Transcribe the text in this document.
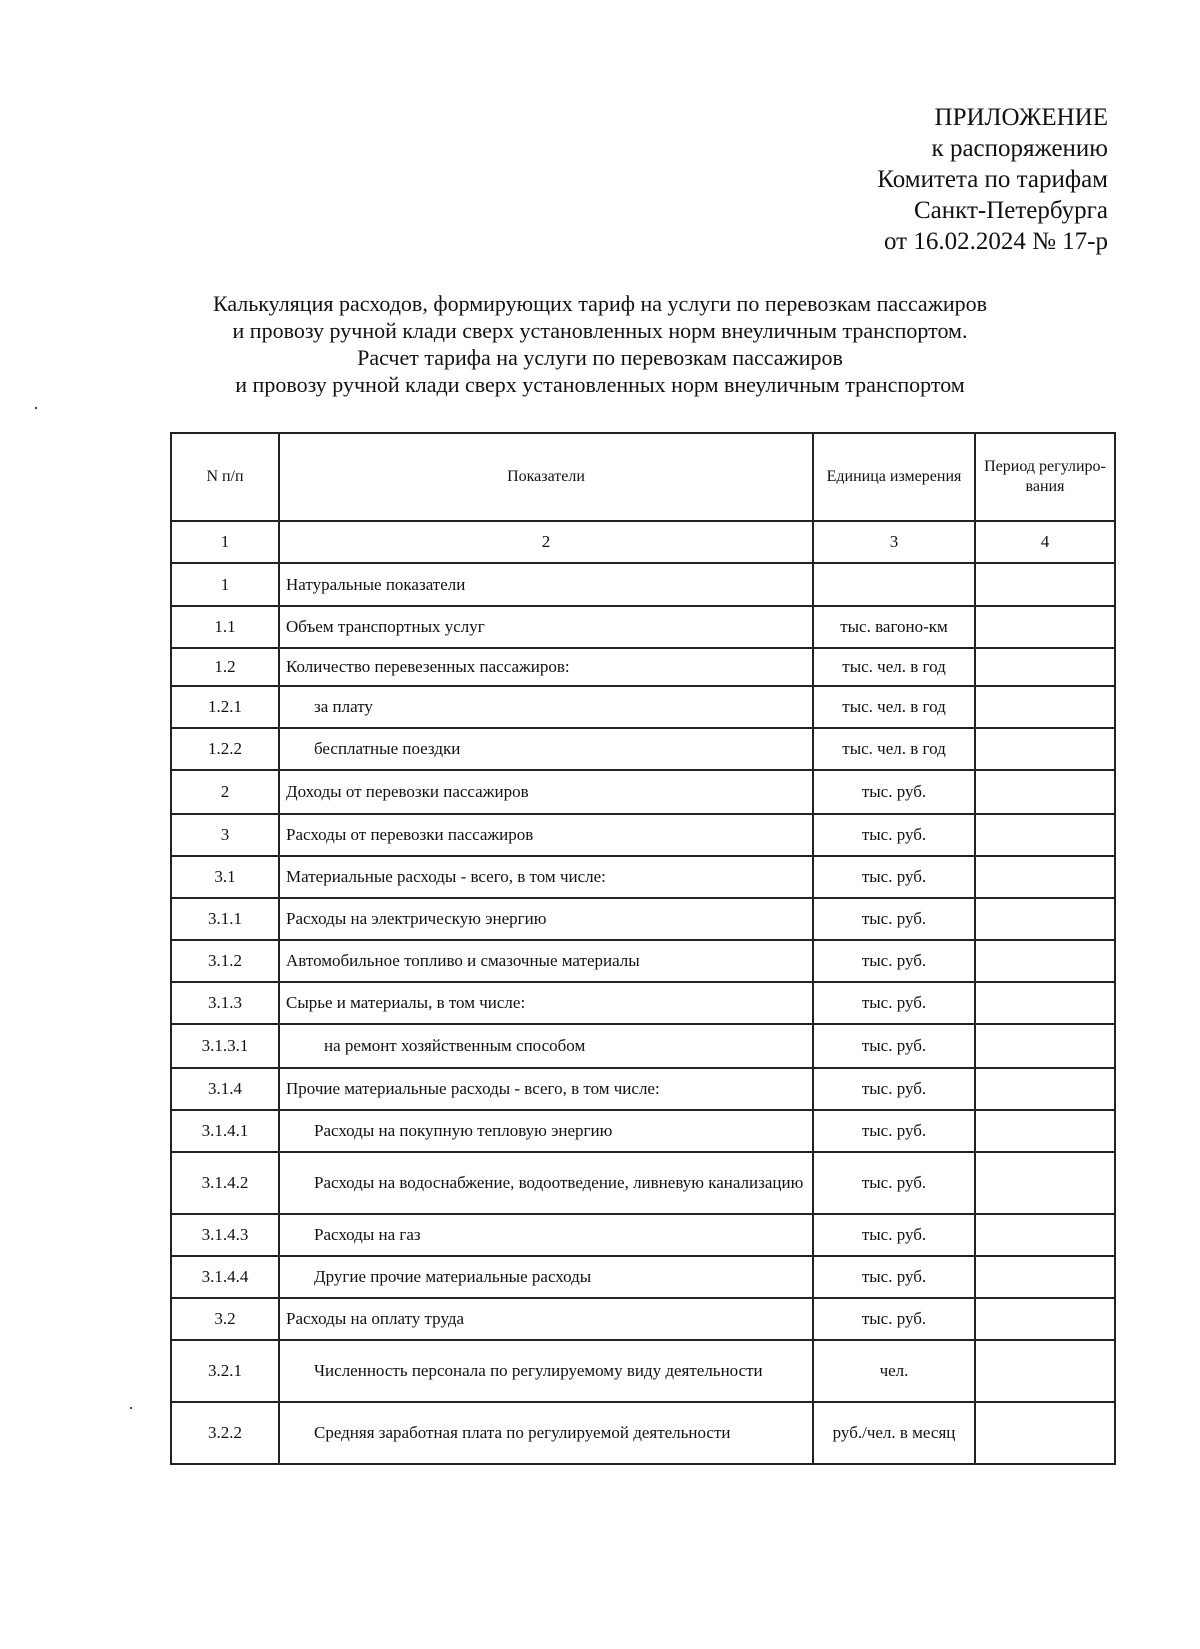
ПРИЛОЖЕНИЕ
к распоряжению
Комитета по тарифам
Санкт-Петербурга
от 16.02.2024 № 17-р
Калькуляция расходов, формирующих тариф на услуги по перевозкам пассажиров
и провозу ручной клади сверх установленных норм внеуличным транспортом.
Расчет тарифа на услуги по перевозкам пассажиров
и провозу ручной клади сверх установленных норм внеуличным транспортом
N п/п	Показатели	Единица измерения	Период регулиро- вания
1	2	3	4
1	Натуральные показатели		
1.1	Объем транспортных услуг	тыс. вагоно-км	
1.2	Количество перевезенных пассажиров:	тыс. чел. в год	
1.2.1	за плату	тыс. чел. в год	
1.2.2	бесплатные поездки	тыс. чел. в год	
2	Доходы от перевозки пассажиров	тыс. руб.	
3	Расходы от перевозки пассажиров	тыс. руб.	
3.1	Материальные расходы - всего, в том числе:	тыс. руб.	
3.1.1	Расходы на электрическую энергию	тыс. руб.	
3.1.2	Автомобильное топливо и смазочные материалы	тыс. руб.	
3.1.3	Сырье и материалы, в том числе:	тыс. руб.	
3.1.3.1	на ремонт хозяйственным способом	тыс. руб.	
3.1.4	Прочие материальные расходы - всего, в том числе:	тыс. руб.	
3.1.4.1	Расходы на покупную тепловую энергию	тыс. руб.	
3.1.4.2	Расходы на водоснабжение, водоотведение, ливневую канализацию	тыс. руб.	
3.1.4.3	Расходы на газ	тыс. руб.	
3.1.4.4	Другие прочие материальные расходы	тыс. руб.	
3.2	Расходы на оплату труда	тыс. руб.	
3.2.1	Численность персонала по регулируемому виду деятельности	чел.	
3.2.2	Средняя заработная плата по регулируемой деятельности	руб./чел. в месяц	
